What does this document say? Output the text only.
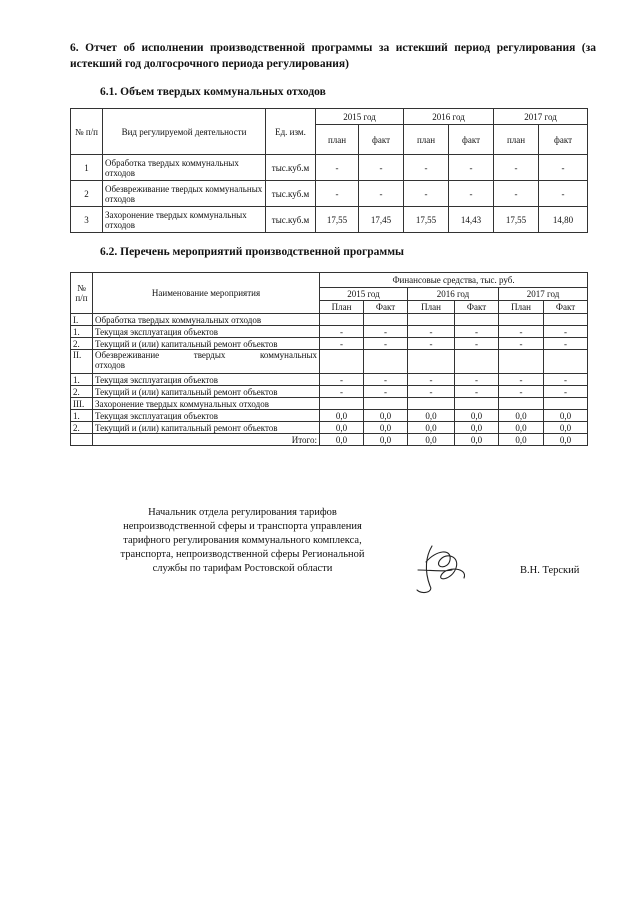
6. Отчет об исполнении производственной программы за истекший период регулирования (за истекший год долгосрочного периода регулирования)
6.1. Объем твердых коммунальных отходов
№ п/п	Вид регулируемой деятельности	Ед. изм.	2015 год		2016 год		2017 год	
			план	факт	план	факт	план	факт
1	Обработка твердых коммунальных отходов	тыс.куб.м	-	-	-	-	-	-
2	Обезвреживание твердых коммунальных отходов	тыс.куб.м	-	-	-	-	-	-
3	Захоронение твердых коммунальных отходов	тыс.куб.м	17,55	17,45	17,55	14,43	17,55	14,80
6.2. Перечень мероприятий производственной программы
№ п/п	Наименование мероприятия	Финансовые средства, тыс. руб.					
		2015 год		2016 год		2017 год	
		План	Факт	План	Факт	План	Факт
I.	Обработка твердых коммунальных отходов						
1.	Текущая эксплуатация объектов	-	-	-	-	-	-
2.	Текущий и (или) капитальный ремонт объектов	-	-	-	-	-	-
II.	Обезвреживание твердых коммунальных
отходов						

1.	Текущая эксплуатация объектов	-	-	-	-	-	-
2.	Текущий и (или) капитальный ремонт объектов	-	-	-	-	-	-
III.	Захоронение твердых коммунальных отходов						
1.	Текущая эксплуатация объектов	0,0	0,0	0,0	0,0	0,0	0,0
2.	Текущий и (или) капитальный ремонт объектов	0,0	0,0	0,0	0,0	0,0	0,0
	Итого:	0,0	0,0	0,0	0,0	0,0	0,0
Начальник отдела регулирования тарифов
непроизводственной сферы и транспорта управления
тарифного регулирования коммунального комплекса,
транспорта, непроизводственной сферы Региональной
службы по тарифам Ростовской области	В.Н. Терский
